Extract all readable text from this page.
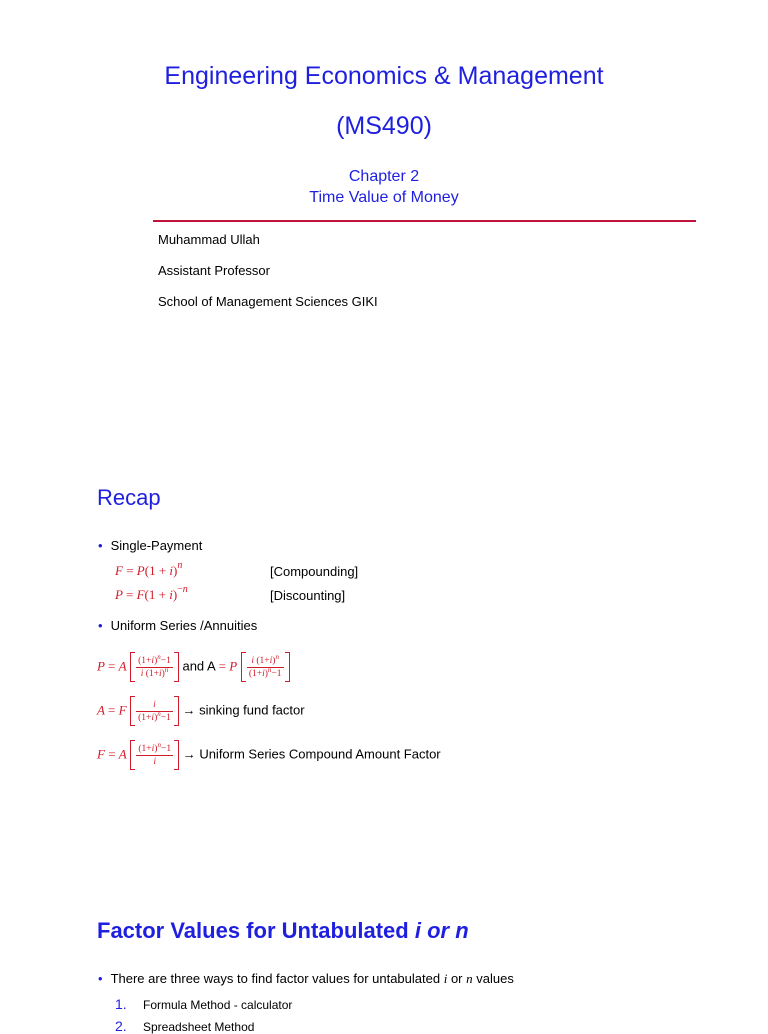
Engineering Economics & Management
(MS490)
Chapter 2
Time Value of Money
Muhammad Ullah
Assistant Professor
School of Management Sciences GIKI
Recap
• Single-Payment
$F = P(1 + i)^n$	[Compounding]
$P = F(1 + i)^{-n}$	[Discounting]
• Uniform Series /Annuities
P = A $\frac{(1+i)^n-1}{i (1+i)^n}$ and A = P $\frac{i (1+i)^n}{(1+i)^n-1}$
A = F $\frac{i}{(1+i)^n-1}$ → sinking fund factor
F = A $\frac{(1+i)^n-1}{i}$ → Uniform Series Compound Amount Factor
Factor Values for Untabulated i or n
• There are three ways to find factor values for untabulated i or n values
1. Formula Method - calculator
2. Spreadsheet Method
